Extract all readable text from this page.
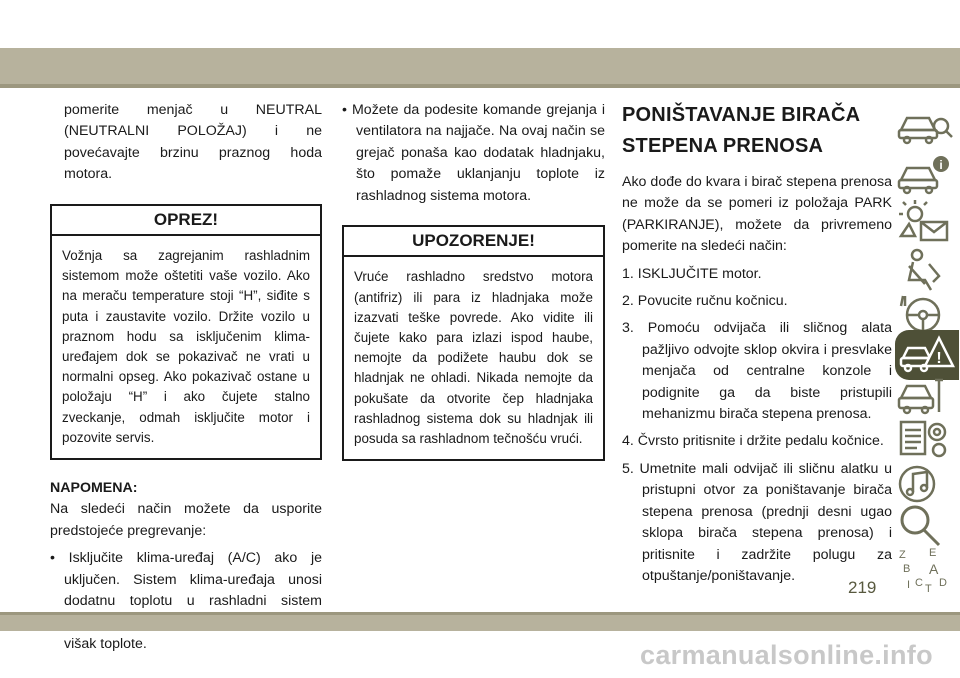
pomerite menjač u NEUTRAL (NEUTRALNI POLOŽAJ) i ne povećavajte brzinu praznog hoda motora.

OPREZ!
Vožnja sa zagrejanim rashladnim sistemom može oštetiti vaše vozilo. Ako na meraču temperature stoji “H”, siđite s puta i zaustavite vozilo. Držite vozilo u praznom hodu sa isključenim klima-uređajem dok se pokazivač ne vrati u normalni opseg. Ako pokazivač ostane u položaju “H” i ako čujete stalno zveckanje, odmah isključite motor i pozovite servis.

NAPOMENA:

Na sledeći način možete da usporite predstojeće pregrevanje:

• Isključite klima-uređaj (A/C) ako je uključen. Sistem klima-uređaja unosi dodatnu toplotu u rashladni sistem višak toplote.

• Možete da podesite komande grejanja i ventilatora na najjače. Na ovaj način se grejač ponaša kao dodatak hladnjaku, što pomaže uklanjanju toplote iz rashladnog sistema motora.

UPOZORENJE!
Vruće rashladno sredstvo motora (antifriz) ili para iz hladnjaka može izazvati teške povrede. Ako vidite ili čujete kako para izlazi ispod haube, nemojte da podižete haubu dok se hladnjak ne ohladi. Nikada nemojte da pokušate da otvorite čep hladnjaka rashladnog sistema dok su hladnjak ili posuda sa rashladnom tečnošću vrući.
PONIŠTAVANJE BIRAČA
STEPENA PRENOSA

Ako dođe do kvara i birač stepena prenosa ne može da se pomeri iz položaja PARK (PARKIRANJE), možete da privremeno pomerite na sledeći način:

1. ISKLJUČITE motor.

2. Povucite ručnu kočnicu.

3. Pomoću odvijača ili sličnog alata pažljivo odvojte sklop okvira i presvlake menjača od centralne konzole i podignite ga da biste pristupili mehanizmu birača stepena prenosa.

4. Čvrsto pritisnite i držite pedalu kočnice.

5. Umetnite mali odvijač ili sličnu alatku u pristupni otvor za poništavanje birača stepena prenosa (prednji desni ugao sklopa birača stepena prenosa) i pritisnite i zadržite polugu za otpuštanje/poništavanje.

i
!
Z E
B A
I C T D
219
carmanualsonline.info
